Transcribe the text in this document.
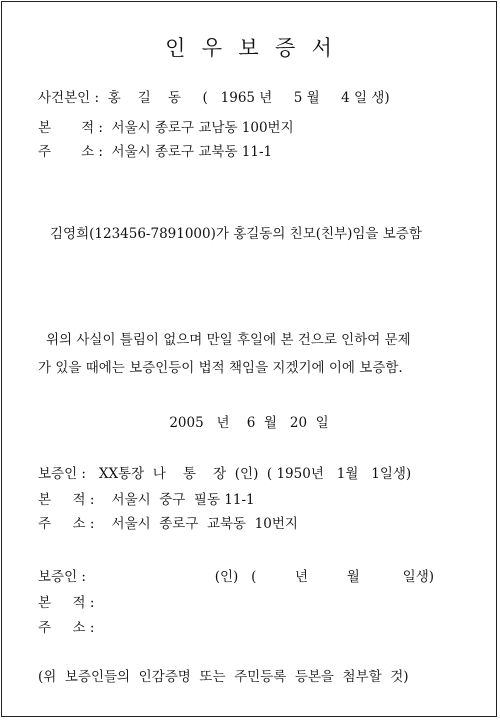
인  우  보  증  서
사건본인 :  홍    길    동     (   1965 년     5 월     4 일 생)
본       적 :  서울시 종로구 교남동 100번지
주       소 :  서울시 종로구 교북동 11-1
김영희(123456-7891000)가 홍길동의 친모(친부)임을 보증함
위의 사실이 틀림이 없으며 만일 후일에 본 건으로 인하여 문제
가 있을 때에는 보증인등이 법적 책임을 지겠기에 이에 보증함.
2005   년    6  월   20  일
보증인 :   XX통장  나    통    장  (인)  ( 1950년   1월   1일생)
본     적 :    서울시  중구  필동 11-1
주     소 :    서울시  종로구  교북동  10번지
보증인 :                              (인)   (         년         월          일생)
본     적 :
주     소 :
(위  보증인들의  인감증명  또는  주민등록  등본을  첨부할  것)
